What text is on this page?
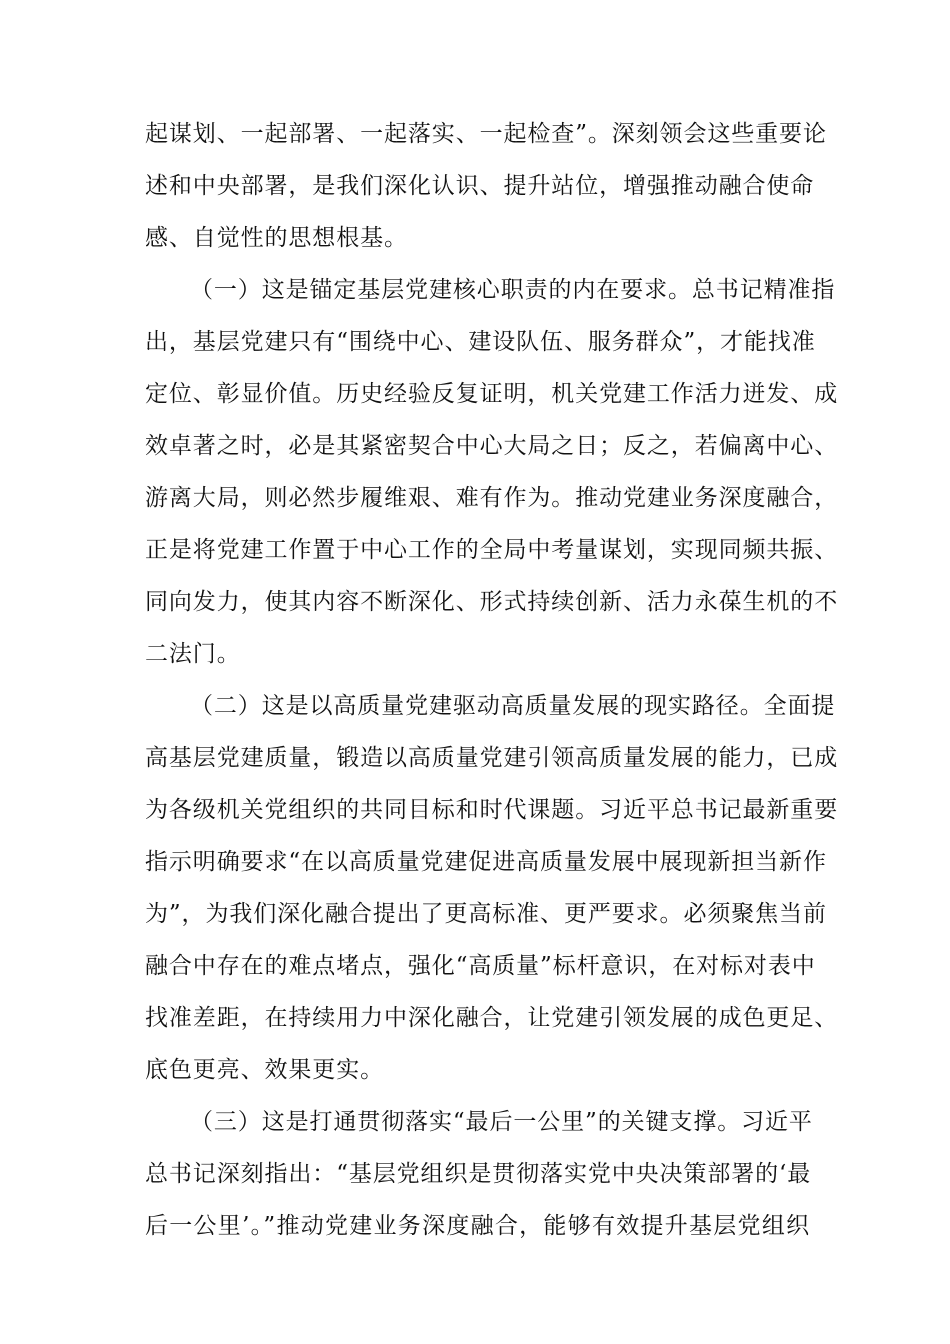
起谋划、一起部署、一起落实、一起检查”。深刻领会这些重要论
述和中央部署，是我们深化认识、提升站位，增强推动融合使命
感、自觉性的思想根基。
（一）这是锚定基层党建核心职责的内在要求。总书记精准指
出，基层党建只有“围绕中心、建设队伍、服务群众”，才能找准
定位、彰显价值。历史经验反复证明，机关党建工作活力迸发、成
效卓著之时，必是其紧密契合中心大局之日；反之，若偏离中心、
游离大局，则必然步履维艰、难有作为。推动党建业务深度融合，
正是将党建工作置于中心工作的全局中考量谋划，实现同频共振、
同向发力，使其内容不断深化、形式持续创新、活力永葆生机的不
二法门。
（二）这是以高质量党建驱动高质量发展的现实路径。全面提
高基层党建质量，锻造以高质量党建引领高质量发展的能力，已成
为各级机关党组织的共同目标和时代课题。习近平总书记最新重要
指示明确要求“在以高质量党建促进高质量发展中展现新担当新作
为”，为我们深化融合提出了更高标准、更严要求。必须聚焦当前
融合中存在的难点堵点，强化“高质量”标杆意识，在对标对表中
找准差距，在持续用力中深化融合，让党建引领发展的成色更足、
底色更亮、效果更实。
（三）这是打通贯彻落实“最后一公里”的关键支撑。习近平
总书记深刻指出：“基层党组织是贯彻落实党中央决策部署的‘最
后一公里’。”推动党建业务深度融合，能够有效提升基层党组织
